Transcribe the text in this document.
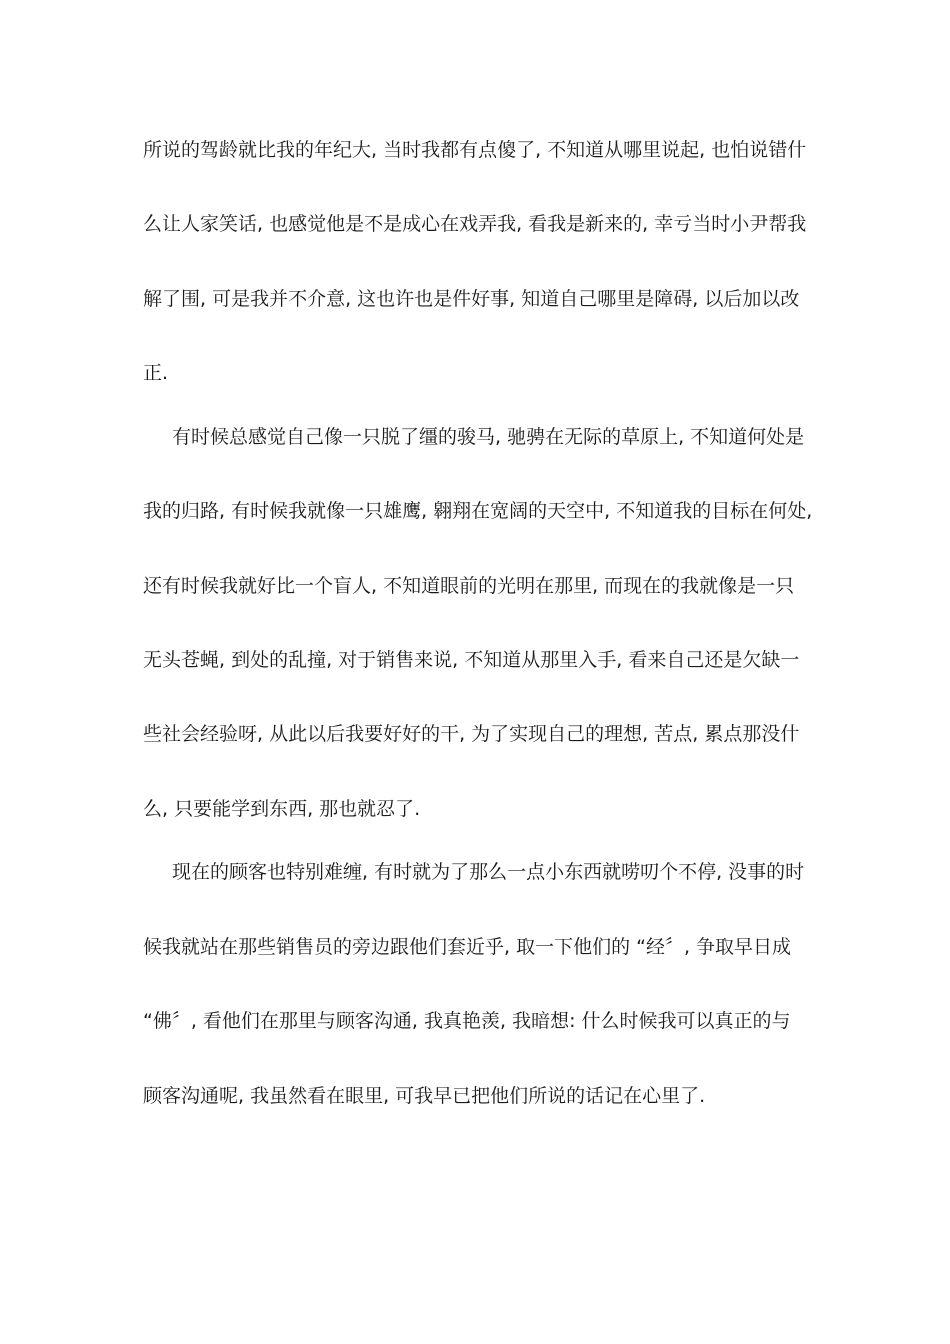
所说的驾龄就比我的年纪大, 当时我都有点傻了, 不知道从哪里说起, 也怕说错什
么让人家笑话, 也感觉他是不是成心在戏弄我, 看我是新来的, 幸亏当时小尹帮我
解了围, 可是我并不介意, 这也许也是件好事, 知道自己哪里是障碍, 以后加以改
正.
有时候总感觉自己像一只脱了缰的骏马, 驰骋在无际的草原上, 不知道何处是
我的归路, 有时候我就像一只雄鹰, 翱翔在宽阔的天空中, 不知道我的目标在何处,
还有时候我就好比一个盲人, 不知道眼前的光明在那里, 而现在的我就像是一只
无头苍蝇, 到处的乱撞, 对于销售来说, 不知道从那里入手, 看来自己还是欠缺一
些社会经验呀, 从此以后我要好好的干, 为了实现自己的理想, 苦点, 累点那没什
么, 只要能学到东西, 那也就忍了.
现在的顾客也特别难缠, 有时就为了那么一点小东西就唠叨个不停, 没事的时
候我就站在那些销售员的旁边跟他们套近乎, 取一下他们的 “经〞, 争取早日成
“佛〞, 看他们在那里与顾客沟通, 我真艳羡, 我暗想: 什么时候我可以真正的与
顾客沟通呢, 我虽然看在眼里, 可我早已把他们所说的话记在心里了.
